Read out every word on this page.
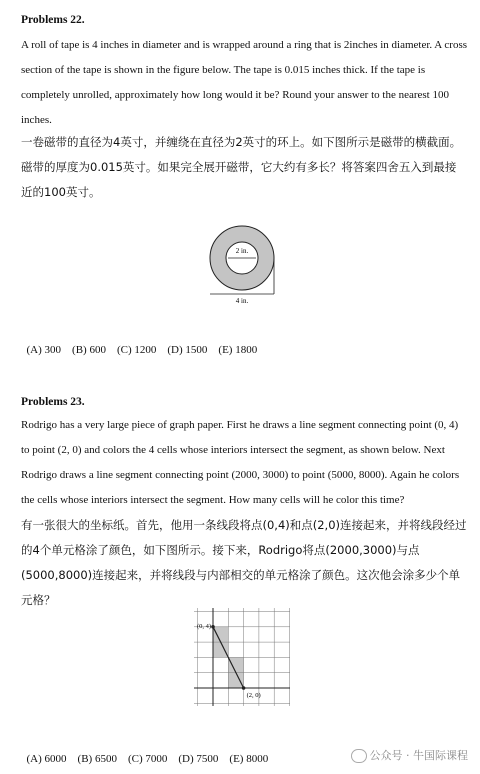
Problems 22.
A roll of tape is 4 inches in diameter and is wrapped around a ring that is 2inches in diameter. A cross section of the tape is shown in the figure below. The tape is 0.015 inches thick. If the tape is completely unrolled, approximately how long would it be? Round your answer to the nearest 100 inches.
一卷磁带的直径为4英寸，并缠绕在直径为2英寸的环上。如下图所示是磁带的横截面。磁带的厚度为0.015英寸。如果完全展开磁带，它大约有多长？将答案四舍五入到最接近的100英寸。
2 in.
4 in.

(A) 300 (B) 600 (C) 1200 (D) 1500 (E) 1800

Problems 23.
Rodrigo has a very large piece of graph paper. First he draws a line segment connecting point (0, 4) to point (2, 0) and colors the 4 cells whose interiors intersect the segment, as shown below. Next Rodrigo draws a line segment connecting point (2000, 3000) to point (5000, 8000). Again he colors the cells whose interiors intersect the segment. How many cells will he color this time?
有一张很大的坐标纸。首先，他用一条线段将点(0,4)和点(2,0)连接起来，并将线段经过的4个单元格涂了颜色，如下图所示。接下来，Rodrigo将点(2000,3000)与点(5000,8000)连接起来，并将线段与内部相交的单元格涂了颜色。这次他会涂多少个单元格？
(0, 4)
(2, 0)

(A) 6000 (B) 6500 (C) 7000 (D) 7500 (E) 8000	公众号 · 牛国际课程
